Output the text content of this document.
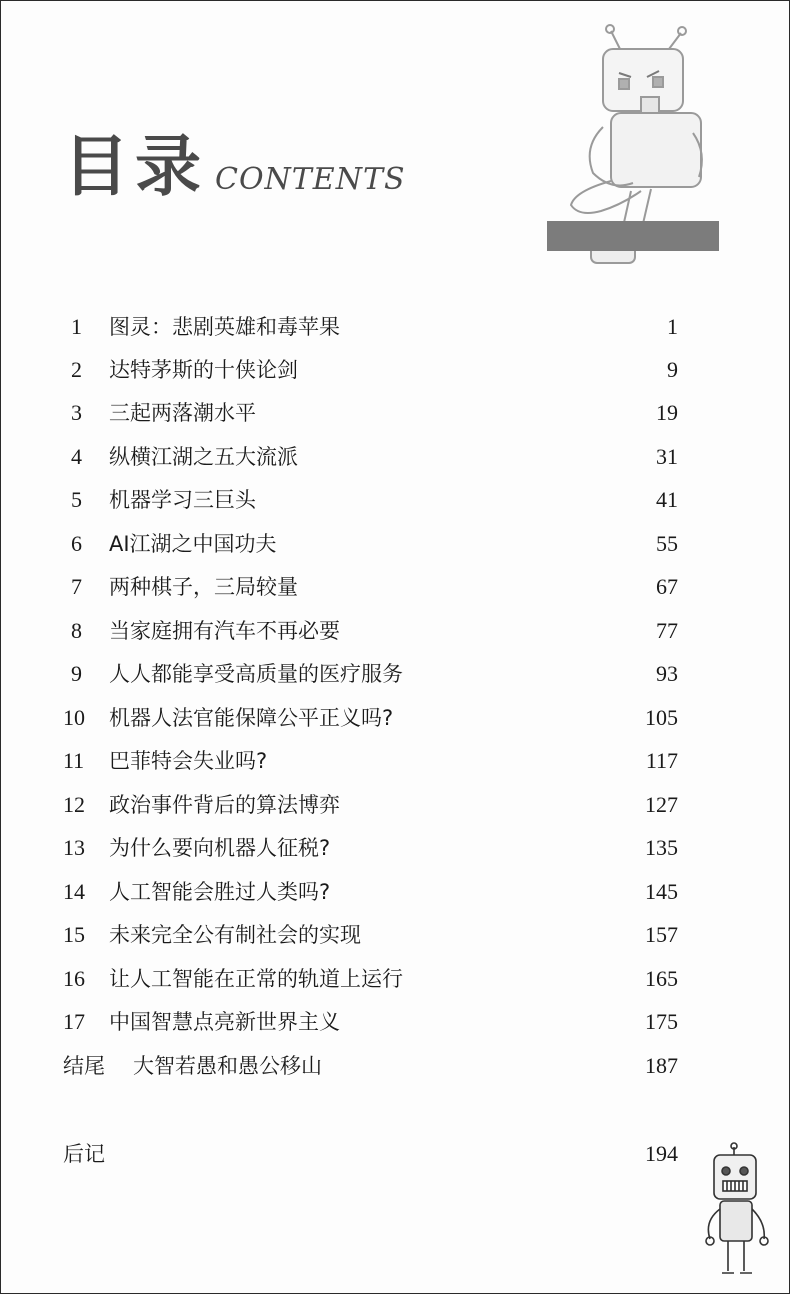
目录 CONTENTS
1	图灵：悲剧英雄和毒苹果	1
2	达特茅斯的十侠论剑	9
3	三起两落潮水平	19
4	纵横江湖之五大流派	31
5	机器学习三巨头	41
6	AI江湖之中国功夫	55
7	两种棋子，三局较量	67
8	当家庭拥有汽车不再必要	77
9	人人都能享受高质量的医疗服务	93
10	机器人法官能保障公平正义吗?	105
11	巴菲特会失业吗?	117
12	政治事件背后的算法博弈	127
13	为什么要向机器人征税?	135
14	人工智能会胜过人类吗?	145
15	未来完全公有制社会的实现	157
16	让人工智能在正常的轨道上运行	165
17	中国智慧点亮新世界主义	175
结尾	大智若愚和愚公移山	187
后记	194
